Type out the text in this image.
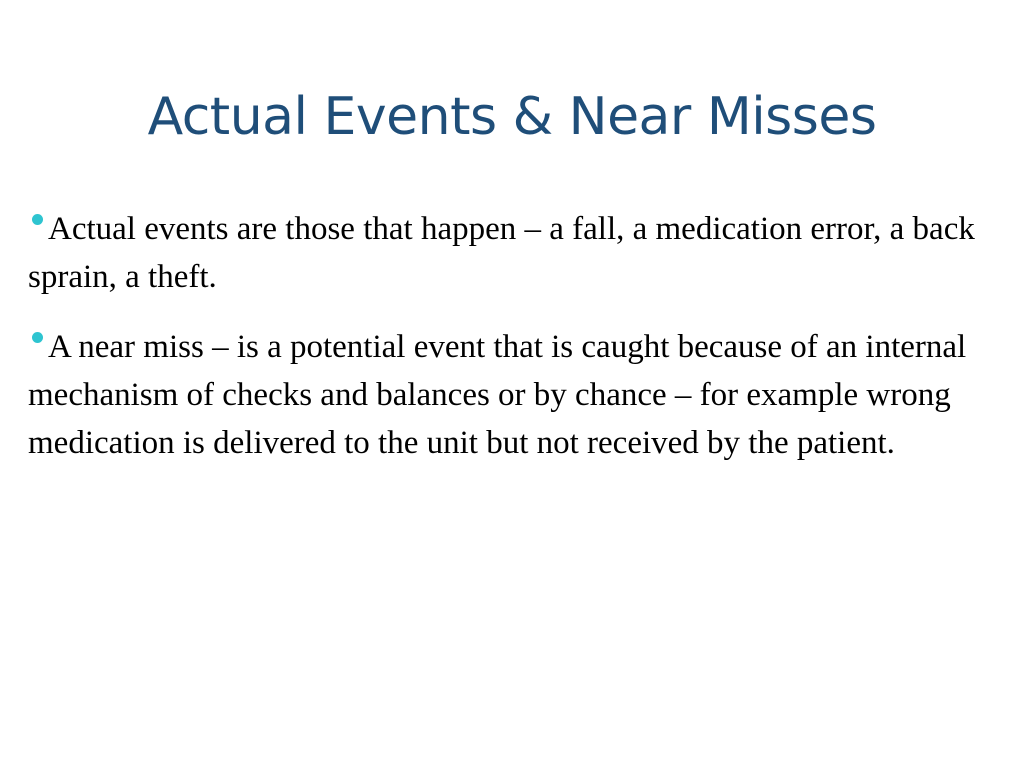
Actual Events & Near Misses
Actual events are those that happen – a fall, a medication error, a back sprain, a theft.
A near miss – is a potential event that is caught because of an internal mechanism of checks and balances or by chance – for example wrong medication is delivered to the unit but not received by the patient.
